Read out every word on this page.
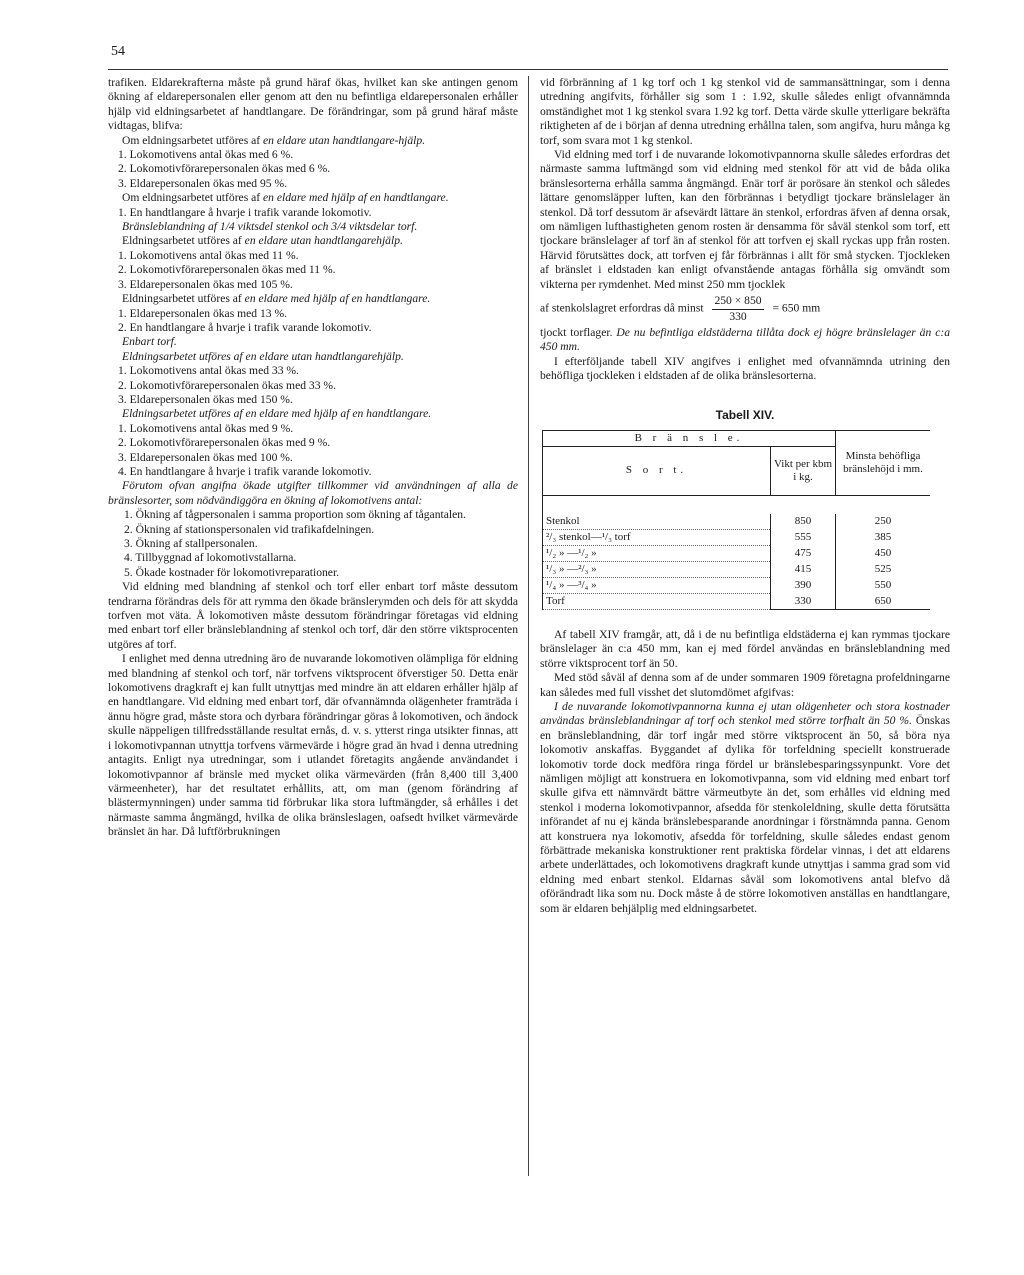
54

trafiken. Eldarekrafterna måste på grund häraf ökas, hvilket kan ske antingen genom ökning af eldarepersonalen eller genom att den nu befintliga eldarepersonalen erhåller hjälp vid eldningsarbetet af handtlangare. De förändringar, som på grund häraf måste vidtagas, blifva:

Om eldningsarbetet utföres af en eldare utan handtlangare-hjälp.

1. Lokomotivens antal ökas med 6 %.

2. Lokomotivförarepersonalen ökas med 6 %.

3. Eldarepersonalen ökas med 95 %.

Om eldningsarbetet utföres af en eldare med hjälp af en handtlangare.

1. En handtlangare å hvarje i trafik varande lokomotiv.

Bränsleblandning af 1/4 viktsdel stenkol och 3/4 viktsdelar torf.

Eldningsarbetet utföres af en eldare utan handtlangarehjälp.

1. Lokomotivens antal ökas med 11 %.

2. Lokomotivförarepersonalen ökas med 11 %.

3. Eldarepersonalen ökas med 105 %.

Eldningsarbetet utföres af en eldare med hjälp af en handtlangare.

1. Eldarepersonalen ökas med 13 %.

2. En handtlangare å hvarje i trafik varande lokomotiv.

Enbart torf.

Eldningsarbetet utföres af en eldare utan handtlangarehjälp.

1. Lokomotivens antal ökas med 33 %.

2. Lokomotivförarepersonalen ökas med 33 %.

3. Eldarepersonalen ökas med 150 %.

Eldningsarbetet utföres af en eldare med hjälp af en handtlangare.

1. Lokomotivens antal ökas med 9 %.

2. Lokomotivförarepersonalen ökas med 9 %.

3. Eldarepersonalen ökas med 100 %.

4. En handtlangare å hvarje i trafik varande lokomotiv.

Förutom ofvan angifna ökade utgifter tillkommer vid användningen af alla de bränslesorter, som nödvändiggöra en ökning af lokomotivens antal:

1. Ökning af tågpersonalen i samma proportion som ökning af tågantalen.

2. Ökning af stationspersonalen vid trafikafdelningen.

3. Ökning af stallpersonalen.

4. Tillbyggnad af lokomotivstallarna.

5. Ökade kostnader för lokomotivreparationer.

Vid eldning med blandning af stenkol och torf eller enbart torf måste dessutom tendrarna förändras dels för att rymma den ökade bränslerymden och dels för att skydda torfven mot väta. Å lokomotiven måste dessutom förändringar företagas vid eldning med enbart torf eller bränsleblandning af stenkol och torf, där den större viktsprocenten utgöres af torf.

I enlighet med denna utredning äro de nuvarande lokomotiven olämpliga för eldning med blandning af stenkol och torf, när torfvens viktsprocent öfverstiger 50. Detta enär lokomotivens dragkraft ej kan fullt utnyttjas med mindre än att eldaren erhåller hjälp af en handtlangare. Vid eldning med enbart torf, där ofvannämnda olägenheter framträda i ännu högre grad, måste stora och dyrbara förändringar göras å lokomotiven, och ändock skulle näppeligen tillfredsställande resultat ernås, d. v. s. ytterst ringa utsikter finnas, att i lokomotivpannan utnyttja torfvens värmevärde i högre grad än hvad i denna utredning antagits. Enligt nya utredningar, som i utlandet företagits angående användandet i lokomotivpannor af bränsle med mycket olika värmevärden (från 8,400 till 3,400 värmeenheter), har det resultatet erhållits, att, om man (genom förändring af blästermynningen) under samma tid förbrukar lika stora luftmängder, så erhålles i det närmaste samma ångmängd, hvilka de olika bränsleslagen, oafsedt hvilket värmevärde bränslet än har. Då luftförbrukningen

vid förbränning af 1 kg torf och 1 kg stenkol vid de sammansättningar, som i denna utredning angifvits, förhåller sig som 1 : 1.92, skulle således enligt ofvannämnda omständighet mot 1 kg stenkol svara 1.92 kg torf. Detta värde skulle ytterligare bekräfta riktigheten af de i början af denna utredning erhållna talen, som angifva, huru många kg torf, som svara mot 1 kg stenkol.

Vid eldning med torf i de nuvarande lokomotivpannorna skulle således erfordras det närmaste samma luftmängd som vid eldning med stenkol för att vid de båda olika bränslesorterna erhålla samma ångmängd. Enär torf är porösare än stenkol och således lättare genomsläpper luften, kan den förbrännas i betydligt tjockare bränslelager än stenkol. Då torf dessutom är afsevärdt lättare än stenkol, erfordras äfven af denna orsak, om nämligen lufthastigheten genom rosten är densamma för såväl stenkol som torf, ett tjockare bränslelager af torf än af stenkol för att torfven ej skall ryckas upp från rosten. Härvid förutsättes dock, att torfven ej får förbrännas i allt för små stycken. Tjockleken af bränslet i eldstaden kan enligt ofvanstående antagas förhålla sig omvändt som vikterna per rymdenhet. Med minst 250 mm tjocklek

af stenkolslagret erfordras då minst $\frac{250 \times 850}{330} = 650$ mm

tjockt torflager. De nu befintliga eldstäderna tillåta dock ej högre bränslelager än c:a 450 mm.

I efterföljande tabell XIV angifves i enlighet med ofvannämnda utrining den behöfliga tjockleken i eldstaden af de olika bränslesorterna.

Tabell XIV.
B r ä n s l e.		Minsta behöfliga bränslehöjd i mm.
S o r t.	Vikt per kbm i kg.	

Stenkol	850	250
²/₃ stenkol—¹/₃ torf	555	385
¹/₂ » —¹/₂ »	475	450
¹/₃ » —²/₃ »	415	525
¹/₄ » —³/₄ »	390	550
Torf	330	650

Af tabell XIV framgår, att, då i de nu befintliga eldstäderna ej kan rymmas tjockare bränslelager än c:a 450 mm, kan ej med fördel användas en bränsleblandning med större viktsprocent torf än 50.

Med stöd såväl af denna som af de under sommaren 1909 företagna profeldningarne kan således med full visshet det slutomdömet afgifvas:

I de nuvarande lokomotivpannorna kunna ej utan olägenheter och stora kostnader användas bränsleblandningar af torf och stenkol med större torfhalt än 50 %. Önskas en bränsleblandning, där torf ingår med större viktsprocent än 50, så böra nya lokomotiv anskaffas. Byggandet af dylika för torfeldning speciellt konstruerade lokomotiv torde dock medföra ringa fördel ur bränslebesparingssynpunkt. Vore det nämligen möjligt att konstruera en lokomotivpanna, som vid eldning med enbart torf skulle gifva ett nämnvärdt bättre värmeutbyte än det, som erhålles vid eldning med stenkol i moderna lokomotivpannor, afsedda för stenkoleldning, skulle detta förutsätta införandet af nu ej kända bränslebesparande anordningar i förstnämnda panna. Genom att konstruera nya lokomotiv, afsedda för torfeldning, skulle således endast genom förbättrade mekaniska konstruktioner rent praktiska fördelar vinnas, i det att eldarens arbete underlättades, och lokomotivens dragkraft kunde utnyttjas i samma grad som vid eldning med enbart stenkol. Eldarnas såväl som lokomotivens antal blefvo då oförändradt lika som nu. Dock måste å de större lokomotiven anställas en handtlangare, som är eldaren behjälplig med eldningsarbetet.
